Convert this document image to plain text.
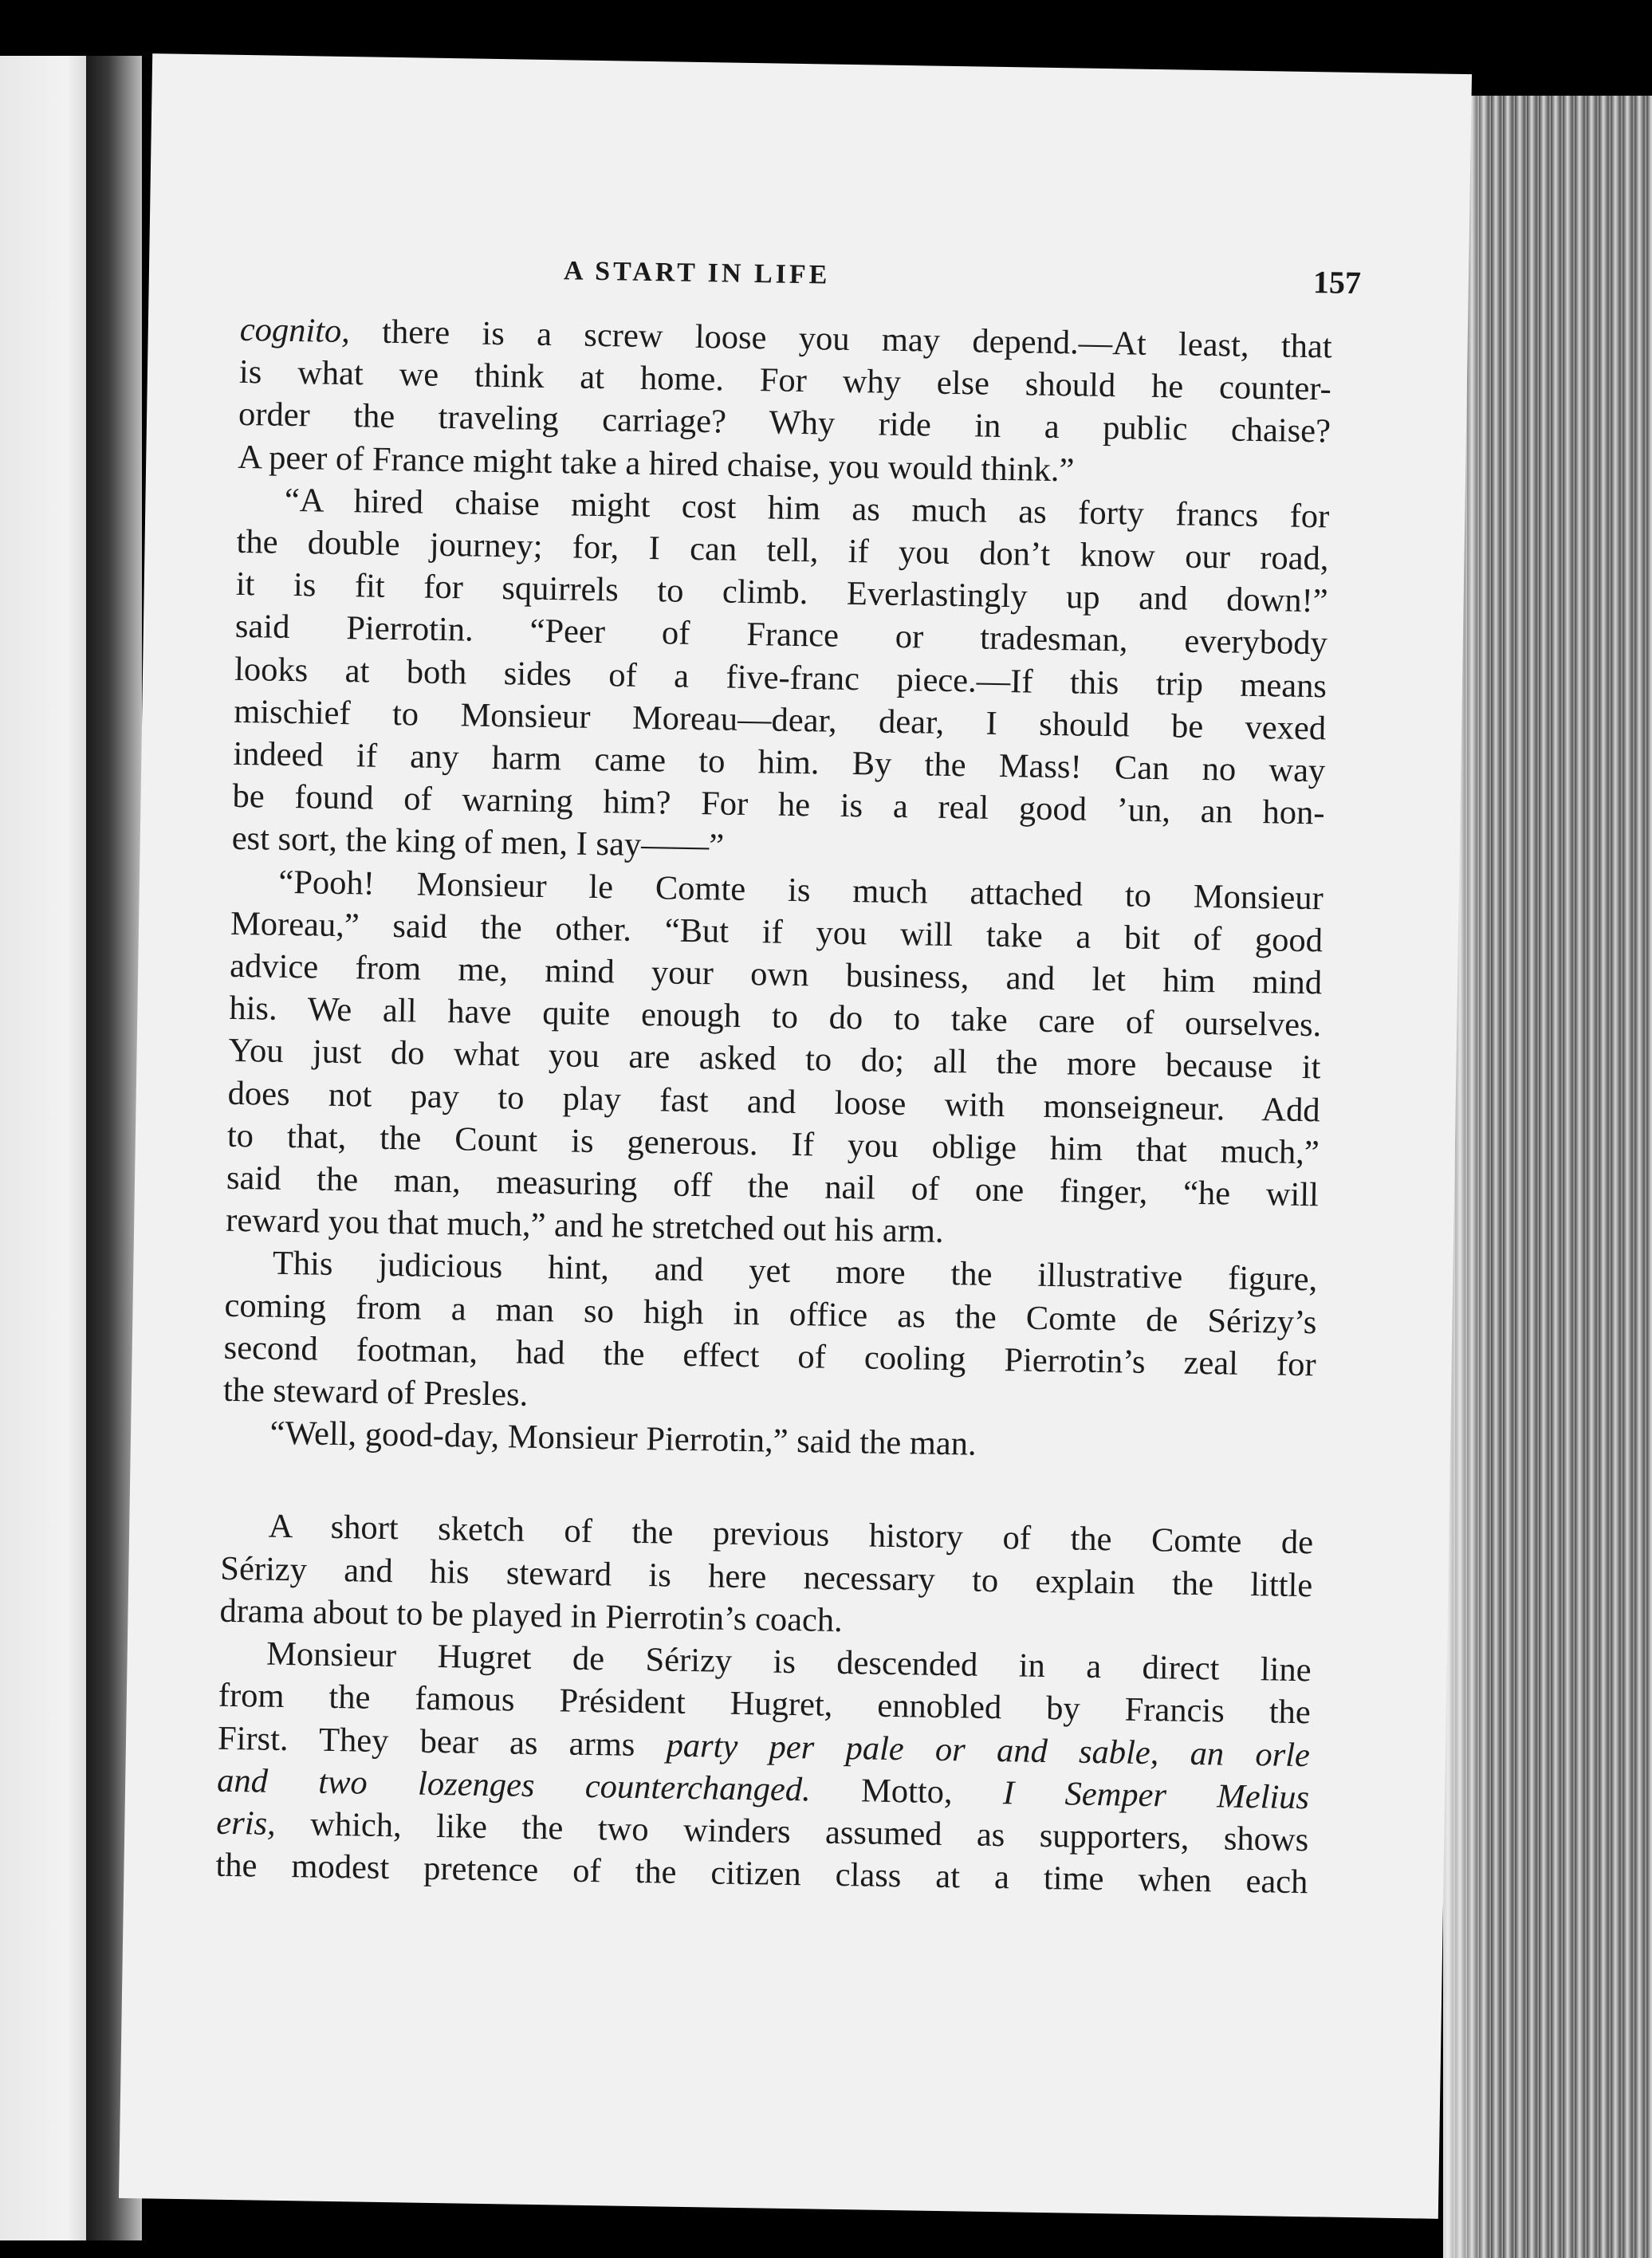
A START IN LIFE	157

cognito, there is a screw loose you may depend.—At least, that
is what we think at home. For why else should he counter-
order the traveling carriage? Why ride in a public chaise?
A peer of France might take a hired chaise, you would think.”

“A hired chaise might cost him as much as forty francs for
the double journey; for, I can tell, if you don’t know our road,
it is fit for squirrels to climb. Everlastingly up and down!”
said Pierrotin. “Peer of France or tradesman, everybody
looks at both sides of a five-franc piece.—If this trip means
mischief to Monsieur Moreau—dear, dear, I should be vexed
indeed if any harm came to him. By the Mass! Can no way
be found of warning him? For he is a real good ’un, an hon-
est sort, the king of men, I say——”

“Pooh! Monsieur le Comte is much attached to Monsieur
Moreau,” said the other. “But if you will take a bit of good
advice from me, mind your own business, and let him mind
his. We all have quite enough to do to take care of ourselves.
You just do what you are asked to do; all the more because it
does not pay to play fast and loose with monseigneur. Add
to that, the Count is generous. If you oblige him that much,”
said the man, measuring off the nail of one finger, “he will
reward you that much,” and he stretched out his arm.

This judicious hint, and yet more the illustrative figure,
coming from a man so high in office as the Comte de Sérizy’s
second footman, had the effect of cooling Pierrotin’s zeal for
the steward of Presles.

“Well, good-day, Monsieur Pierrotin,” said the man.

A short sketch of the previous history of the Comte de
Sérizy and his steward is here necessary to explain the little
drama about to be played in Pierrotin’s coach.

Monsieur Hugret de Sérizy is descended in a direct line
from the famous Président Hugret, ennobled by Francis the
First. They bear as arms party per pale or and sable, an orle
and two lozenges counterchanged. Motto, I Semper Melius
eris, which, like the two winders assumed as supporters, shows
the modest pretence of the citizen class at a time when each
